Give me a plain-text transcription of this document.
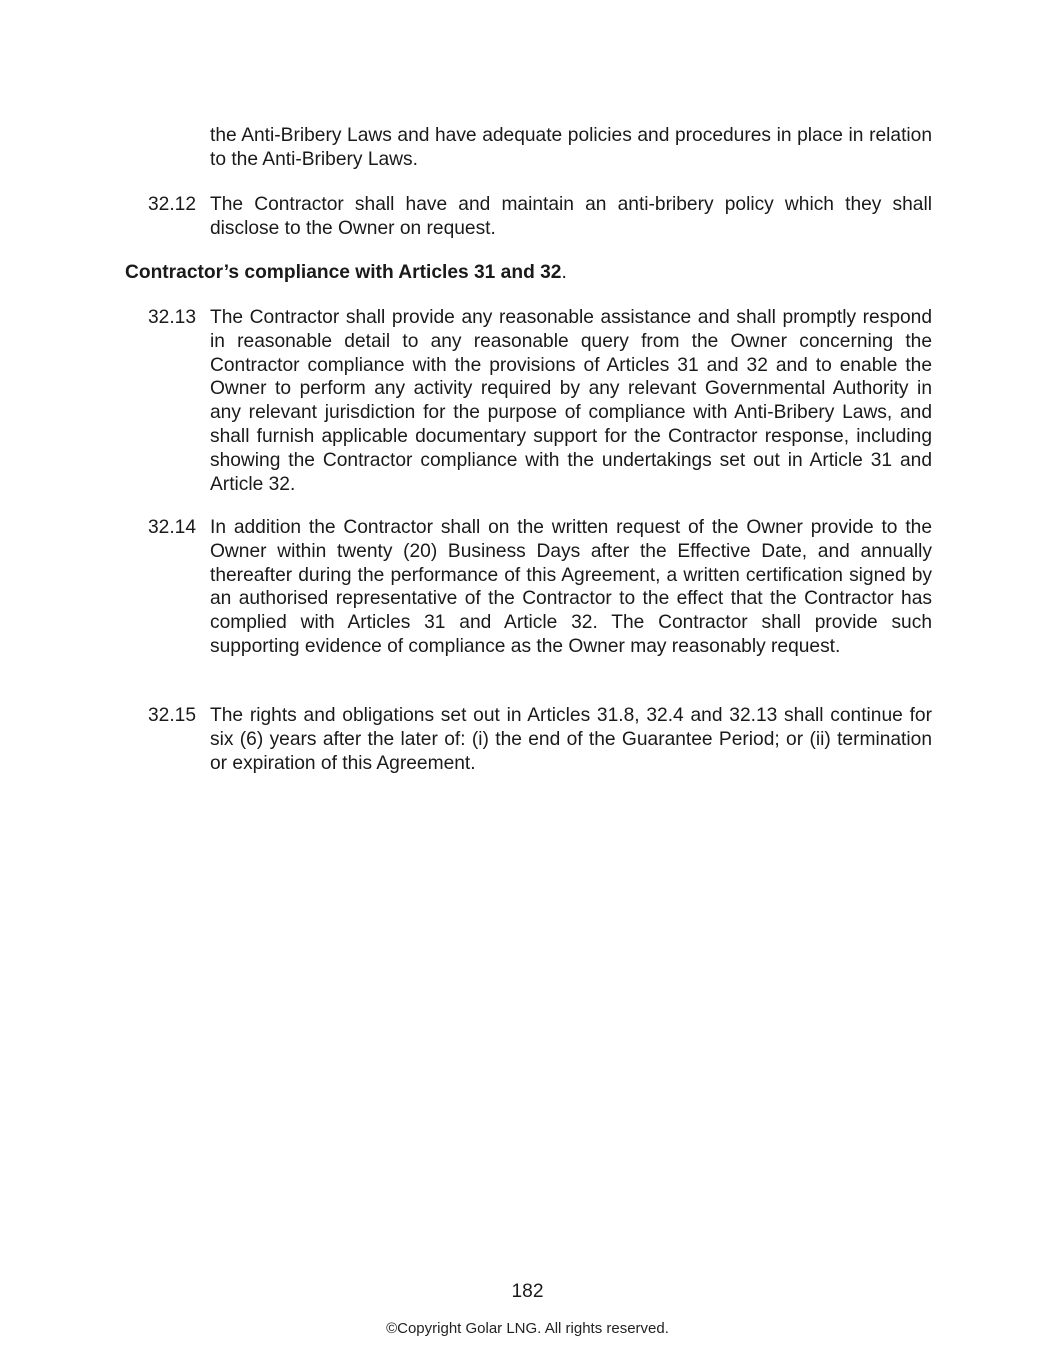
the Anti-Bribery Laws and have adequate policies and procedures in place in relation to the Anti-Bribery Laws.

32.12 The Contractor shall have and maintain an anti-bribery policy which they shall disclose to the Owner on request.

Contractor’s compliance with Articles 31 and 32.

32.13 The Contractor shall provide any reasonable assistance and shall promptly respond in reasonable detail to any reasonable query from the Owner concerning the Contractor compliance with the provisions of Articles 31 and 32 and to enable the Owner to perform any activity required by any relevant Governmental Authority in any relevant jurisdiction for the purpose of compliance with Anti-Bribery Laws, and shall furnish applicable documentary support for the Contractor response, including showing the Contractor compliance with the undertakings set out in Article 31 and Article 32.

32.14 In addition the Contractor shall on the written request of the Owner provide to the Owner within twenty (20) Business Days after the Effective Date, and annually thereafter during the performance of this Agreement, a written certification signed by an authorised representative of the Contractor to the effect that the Contractor has complied with Articles 31 and Article 32. The Contractor shall provide such supporting evidence of compliance as the Owner may reasonably request.

32.15 The rights and obligations set out in Articles 31.8, 32.4 and 32.13 shall continue for six (6) years after the later of: (i) the end of the Guarantee Period; or (ii) termination or expiration of this Agreement.

182
©Copyright Golar LNG. All rights reserved.
